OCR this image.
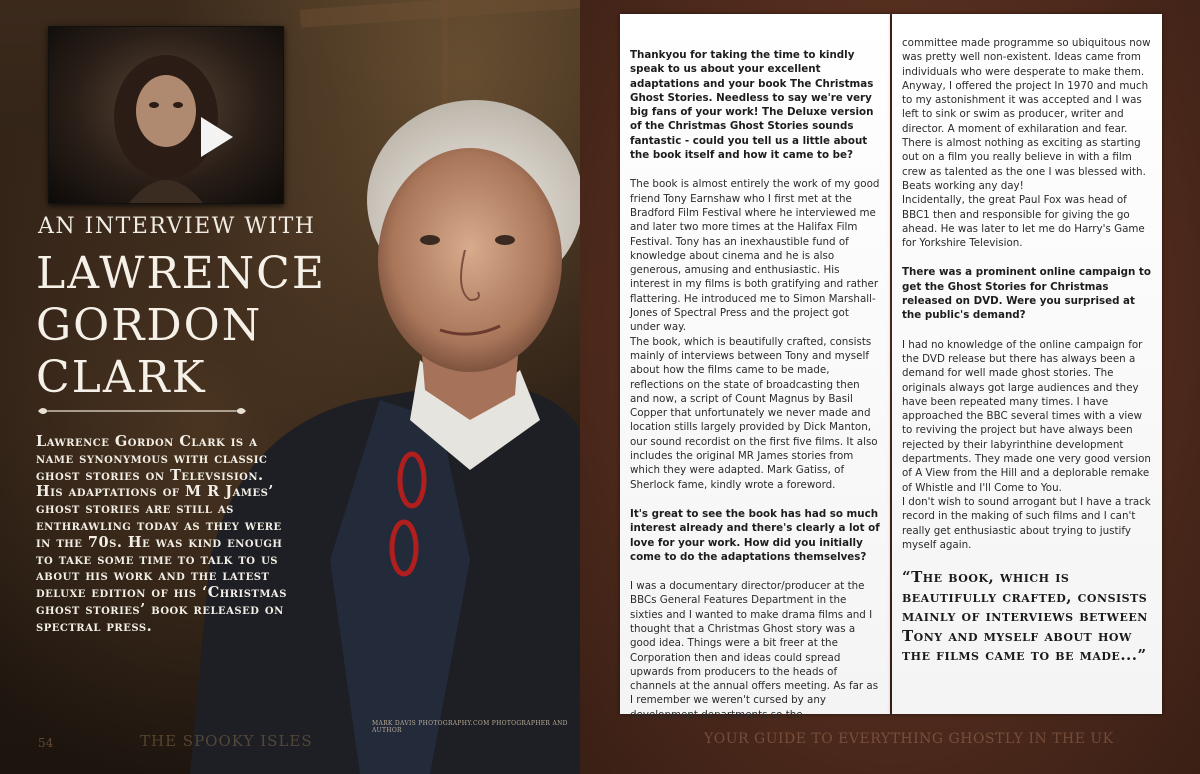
AN INTERVIEW WITH
LAWRENCE
GORDON
CLARK
Lawrence Gordon Clark is a name synonymous with classic ghost stories on Televsision. His adaptations of M R James’ ghost stories are still as enthrawling today as they were in the 70s. He was kind enough to take some time to talk to us about his work and the latest deluxe edition of his ‘Christmas ghost stories’ book released on spectral press.
MARK DAVIS PHOTOGRAPHY.COM PHOTOGRAPHER AND AUTHOR
54	THE SPOOKY ISLES

Thankyou for taking the time to kindly speak to us about your excellent adaptations and your book The Christmas Ghost Stories. Needless to say we're very big fans of your work! The Deluxe version of the Christmas Ghost Stories sounds fantastic - could you tell us a little about the book itself and how it came to be?

The book is almost entirely the work of my good friend Tony Earnshaw who I first met at the Bradford Film Festival where he interviewed me and later two more times at the Halifax Film Festival. Tony has an inexhaustible fund of knowledge about cinema and he is also generous, amusing and enthusiastic. His interest in my films is both gratifying and rather flattering. He introduced me to Simon Marshall-Jones of Spectral Press and the project got under way.

The book, which is beautifully crafted, consists mainly of interviews between Tony and myself about how the films came to be made, reflections on the state of broadcasting then and now, a script of Count Magnus by Basil Copper that unfortunately we never made and location stills largely provided by Dick Manton, our sound recordist on the first five films. It also includes the original MR James stories from which they were adapted. Mark Gatiss, of Sherlock fame, kindly wrote a foreword.

It's great to see the book has had so much interest already and there's clearly a lot of love for your work. How did you initially come to do the adaptations themselves?

I was a documentary director/producer at the BBCs General Features Department in the sixties and I wanted to make drama films and I thought that a Christmas Ghost story was a good idea. Things were a bit freer at the Corporation then and ideas could spread upwards from producers to the heads of channels at the annual offers meeting. As far as I remember we weren't cursed by any development departments so the

committee made programme so ubiquitous now was pretty well non-existent. Ideas came from individuals who were desperate to make them.

Anyway, I offered the project In 1970 and much to my astonishment it was accepted and I was left to sink or swim as producer, writer and director. A moment of exhilaration and fear. There is almost nothing as exciting as starting out on a film you really believe in with a film crew as talented as the one I was blessed with. Beats working any day!

Incidentally, the great Paul Fox was head of BBC1 then and responsible for giving the go ahead. He was later to let me do Harry's Game for Yorkshire Television.

There was a prominent online campaign to get the Ghost Stories for Christmas released on DVD. Were you surprised at the public's demand?

I had no knowledge of the online campaign for the DVD release but there has always been a demand for well made ghost stories. The originals always got large audiences and they have been repeated many times. I have approached the BBC several times with a view to reviving the project but have always been rejected by their labyrinthine development departments. They made one very good version of A View from the Hill and a deplorable remake of Whistle and I'll Come to You.

I don't wish to sound arrogant but I have a track record in the making of such films and I can't really get enthusiastic about trying to justify myself again.

“The book, which is beautifully crafted, consists mainly of interviews between Tony and myself about how the films came to be made...”
YOUR GUIDE TO EVERYTHING GHOSTLY IN THE UK
